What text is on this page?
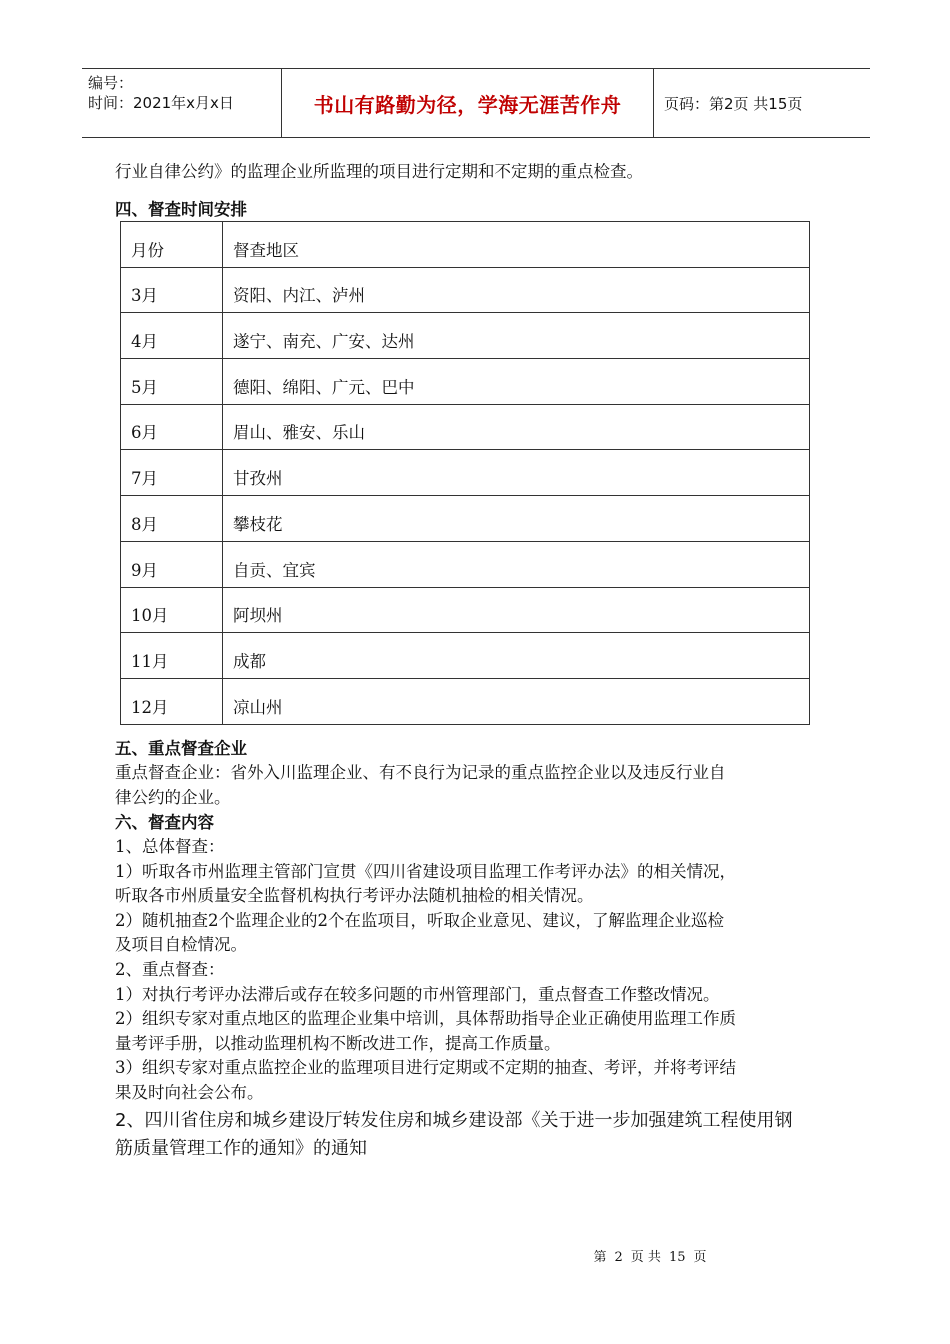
编号：
时间：2021年x月x日	书山有路勤为径，学海无涯苦作舟	页码：第2页 共15页
行业自律公约》的监理企业所监理的项目进行定期和不定期的重点检查。
四、督查时间安排
月份	督查地区
3月	资阳、内江、泸州
4月	遂宁、南充、广安、达州
5月	德阳、绵阳、广元、巴中
6月	眉山、雅安、乐山
7月	甘孜州
8月	攀枝花
9月	自贡、宜宾
10月	阿坝州
11月	成都
12月	凉山州
五、重点督查企业
重点督查企业：省外入川监理企业、有不良行为记录的重点监控企业以及违反行业自
律公约的企业。
六、督查内容
1、总体督查：
1）听取各市州监理主管部门宣贯《四川省建设项目监理工作考评办法》的相关情况，
听取各市州质量安全监督机构执行考评办法随机抽检的相关情况。
2）随机抽查2个监理企业的2个在监项目，听取企业意见、建议，了解监理企业巡检
及项目自检情况。
2、重点督查：
1）对执行考评办法滞后或存在较多问题的市州管理部门，重点督查工作整改情况。
2）组织专家对重点地区的监理企业集中培训，具体帮助指导企业正确使用监理工作质
量考评手册，以推动监理机构不断改进工作，提高工作质量。
3）组织专家对重点监控企业的监理项目进行定期或不定期的抽查、考评，并将考评结
果及时向社会公布。
2、四川省住房和城乡建设厅转发住房和城乡建设部《关于进一步加强建筑工程使用钢
筋质量管理工作的通知》的通知
第 2 页 共 15 页
